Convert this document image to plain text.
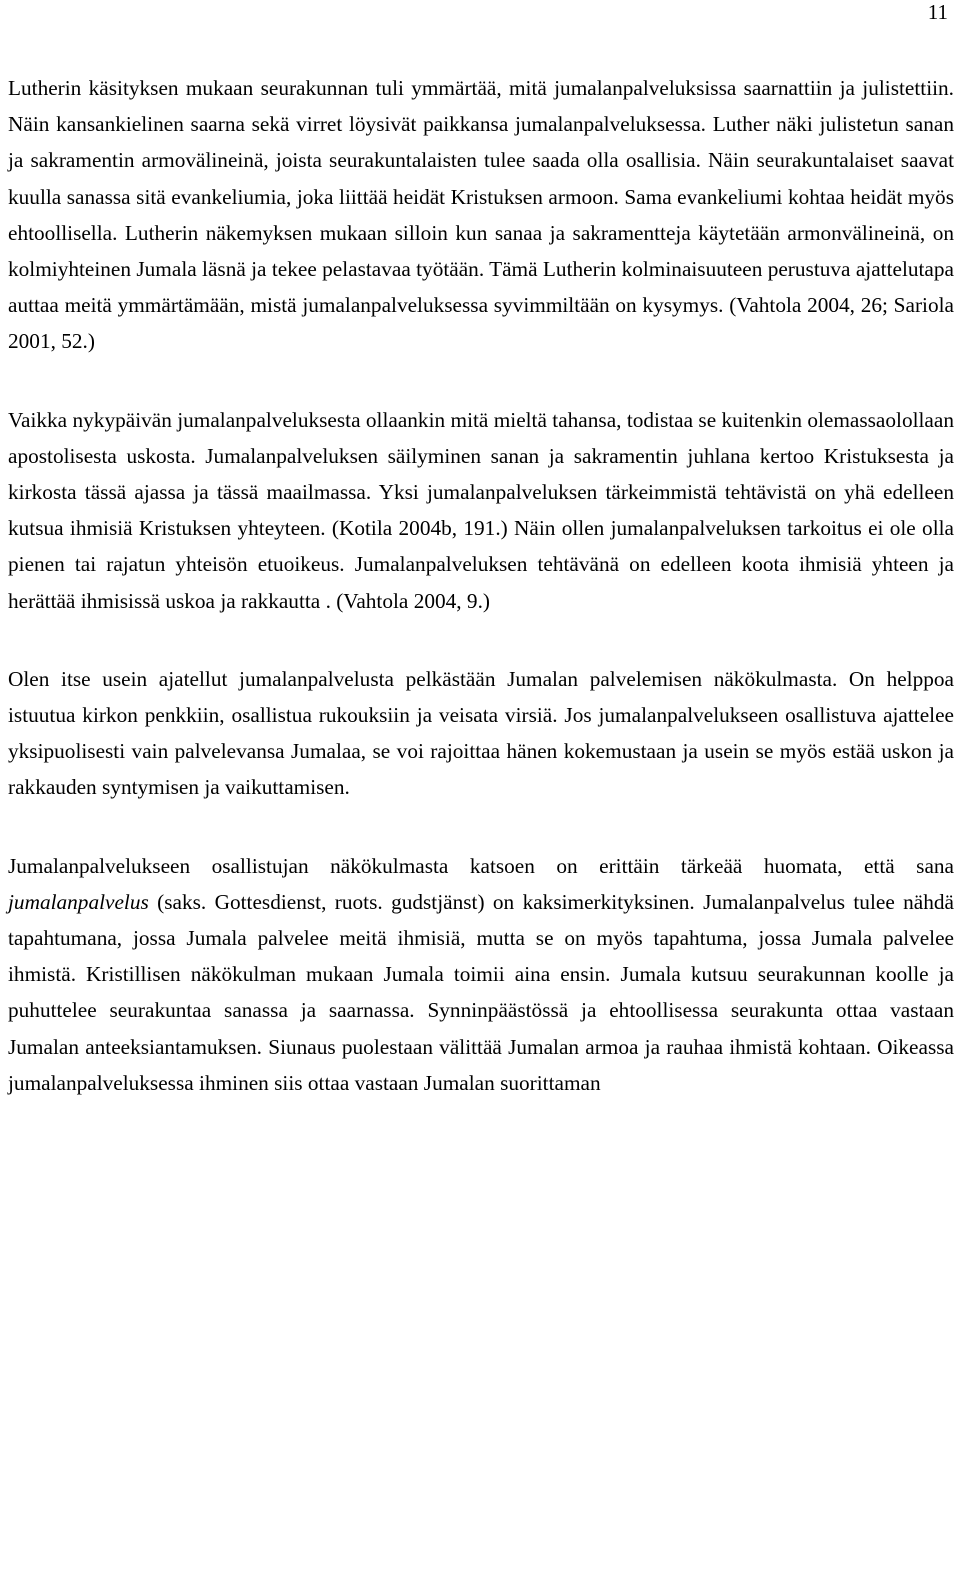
11

Lutherin käsityksen mukaan seurakunnan tuli ymmärtää, mitä jumalanpalveluksissa saarnattiin ja julistettiin. Näin kansankielinen saarna sekä virret löysivät paikkansa jumalanpalveluksessa. Luther näki julistetun sanan ja sakramentin armovälineinä, joista seurakuntalaisten tulee saada olla osallisia. Näin seurakuntalaiset saavat kuulla sanassa sitä evankeliumia, joka liittää heidät Kristuksen armoon. Sama evankeliumi kohtaa heidät myös ehtoollisella. Lutherin näkemyksen mukaan silloin kun sanaa ja sakramentteja käytetään armonvälineinä, on kolmiyhteinen Jumala läsnä ja tekee pelastavaa työtään. Tämä Lutherin kolminaisuuteen perustuva ajattelutapa auttaa meitä ymmärtämään, mistä jumalanpalveluksessa syvimmiltään on kysymys. (Vahtola 2004, 26; Sariola 2001, 52.)

Vaikka nykypäivän jumalanpalveluksesta ollaankin mitä mieltä tahansa, todistaa se kuitenkin olemassaolollaan apostolisesta uskosta. Jumalanpalveluksen säilyminen sanan ja sakramentin juhlana kertoo Kristuksesta ja kirkosta tässä ajassa ja tässä maailmassa. Yksi jumalanpalveluksen tärkeimmistä tehtävistä on yhä edelleen kutsua ihmisiä Kristuksen yhteyteen. (Kotila 2004b, 191.) Näin ollen jumalanpalveluksen tarkoitus ei ole olla pienen tai rajatun yhteisön etuoikeus. Jumalanpalveluksen tehtävänä on edelleen koota ihmisiä yhteen ja herättää ihmisissä uskoa ja rakkautta . (Vahtola 2004, 9.)

Olen itse usein ajatellut jumalanpalvelusta pelkästään Jumalan palvelemisen näkökulmasta. On helppoa istuutua kirkon penkkiin, osallistua rukouksiin ja veisata virsiä. Jos jumalanpalvelukseen osallistuva ajattelee yksipuolisesti vain palvelevansa Jumalaa, se voi rajoittaa hänen kokemustaan ja usein se myös estää uskon ja rakkauden syntymisen ja vaikuttamisen.

Jumalanpalvelukseen osallistujan näkökulmasta katsoen on erittäin tärkeää huomata, että sana jumalanpalvelus (saks. Gottesdienst, ruots. gudstjänst) on kaksimerkityksinen. Jumalanpalvelus tulee nähdä tapahtumana, jossa Jumala palvelee meitä ihmisiä, mutta se on myös tapahtuma, jossa Jumala palvelee ihmistä. Kristillisen näkökulman mukaan Jumala toimii aina ensin. Jumala kutsuu seurakunnan koolle ja puhuttelee seurakuntaa sanassa ja saarnassa. Synninpäästössä ja ehtoollisessa seurakunta ottaa vastaan Jumalan anteeksiantamuksen. Siunaus puolestaan välittää Jumalan armoa ja rauhaa ihmistä kohtaan. Oikeassa jumalanpalveluksessa ihminen siis ottaa vastaan Jumalan suorittaman
